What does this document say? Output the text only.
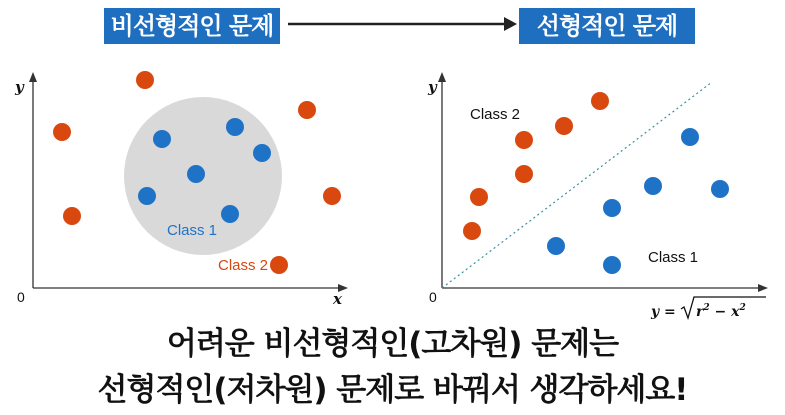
비선형적인 문제	선형적인 문제
y
x
0
Class 1
Class 2
y
0
Class 2
Class 1
$y = r^2 - x^2$
어려운 비선형적인(고차원) 문제는
선형적인(저차원) 문제로 바꿔서 생각하세요!
